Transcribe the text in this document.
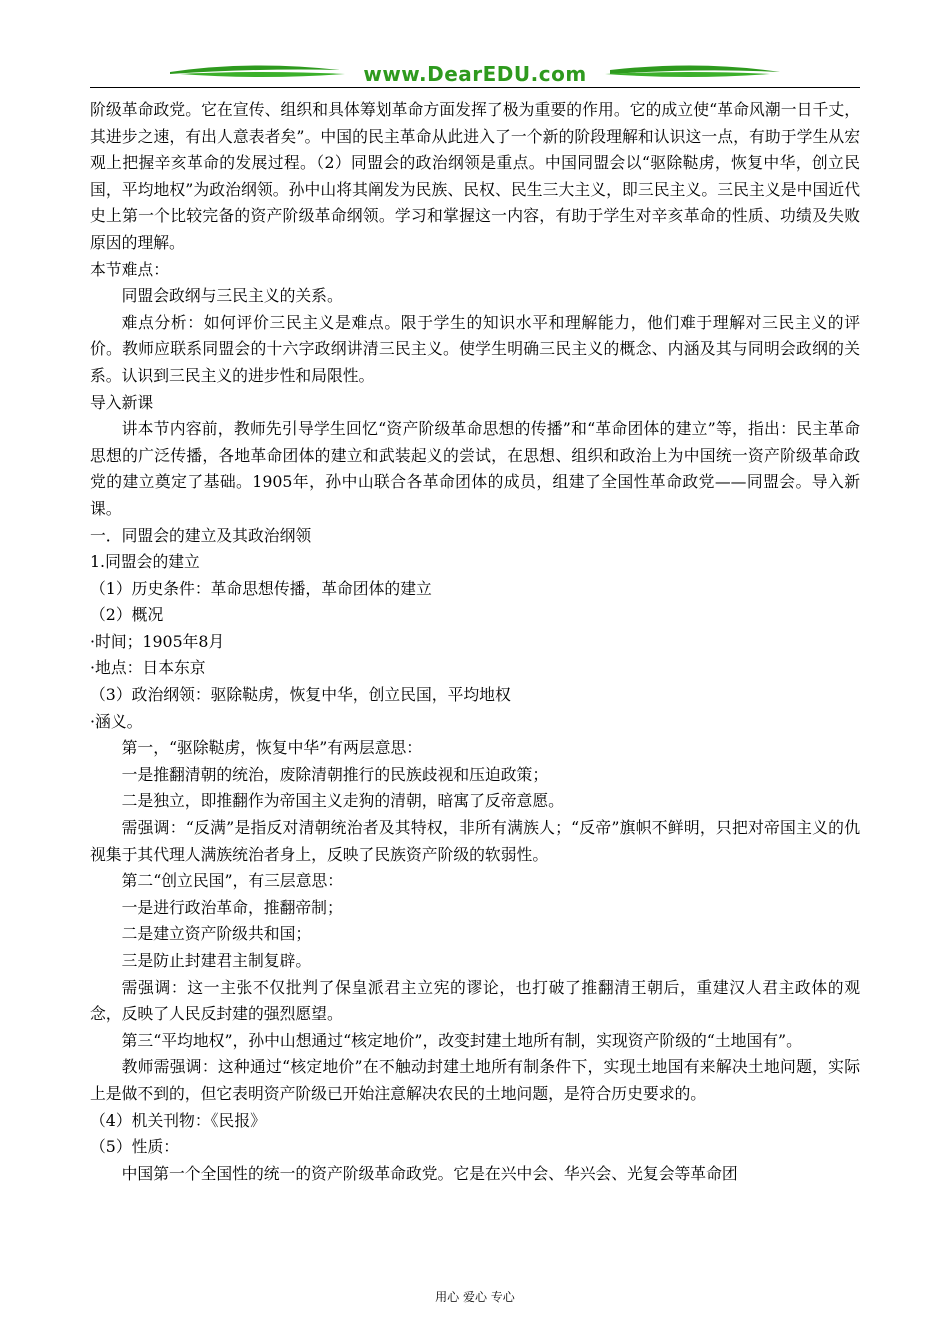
www.DearEDU.com

阶级革命政党。它在宣传、组织和具体筹划革命方面发挥了极为重要的作用。它的成立使“革命风潮一日千丈，其进步之速，有出人意表者矣”。中国的民主革命从此进入了一个新的阶段理解和认识这一点，有助于学生从宏观上把握辛亥革命的发展过程。（2）同盟会的政治纲领是重点。中国同盟会以“驱除鞑虏，恢复中华，创立民国，平均地权”为政治纲领。孙中山将其阐发为民族、民权、民生三大主义，即三民主义。三民主义是中国近代史上第一个比较完备的资产阶级革命纲领。学习和掌握这一内容，有助于学生对辛亥革命的性质、功绩及失败原因的理解。

本节难点：

同盟会政纲与三民主义的关系。

难点分析：如何评价三民主义是难点。限于学生的知识水平和理解能力，他们难于理解对三民主义的评价。教师应联系同盟会的十六字政纲讲清三民主义。使学生明确三民主义的概念、内涵及其与同明会政纲的关系。认识到三民主义的进步性和局限性。

导入新课

讲本节内容前，教师先引导学生回忆“资产阶级革命思想的传播”和“革命团体的建立”等，指出：民主革命思想的广泛传播，各地革命团体的建立和武装起义的尝试，在思想、组织和政治上为中国统一资产阶级革命政党的建立奠定了基础。1905年，孙中山联合各革命团体的成员，组建了全国性革命政党——同盟会。导入新课。

一．同盟会的建立及其政治纲领

1.同盟会的建立

（1）历史条件：革命思想传播，革命团体的建立

（2）概况

·时间；1905年8月

·地点：日本东京

（3）政治纲领：驱除鞑虏，恢复中华，创立民国，平均地权

·涵义。

第一，“驱除鞑虏，恢复中华”有两层意思：

一是推翻清朝的统治，废除清朝推行的民族歧视和压迫政策；

二是独立，即推翻作为帝国主义走狗的清朝，暗寓了反帝意愿。

需强调：“反满”是指反对清朝统治者及其特权，非所有满族人；“反帝”旗帜不鲜明，只把对帝国主义的仇视集于其代理人满族统治者身上，反映了民族资产阶级的软弱性。

第二“创立民国”，有三层意思：

一是进行政治革命，推翻帝制；

二是建立资产阶级共和国；

三是防止封建君主制复辟。

需强调：这一主张不仅批判了保皇派君主立宪的谬论，也打破了推翻清王朝后，重建汉人君主政体的观念，反映了人民反封建的强烈愿望。

第三“平均地权”，孙中山想通过“核定地价”，改变封建土地所有制，实现资产阶级的“土地国有”。

教师需强调：这种通过“核定地价”在不触动封建土地所有制条件下，实现土地国有来解决土地问题，实际上是做不到的，但它表明资产阶级已开始注意解决农民的土地问题，是符合历史要求的。

（4）机关刊物：《民报》

（5）性质：

中国第一个全国性的统一的资产阶级革命政党。它是在兴中会、华兴会、光复会等革命团

用心 爱心 专心
